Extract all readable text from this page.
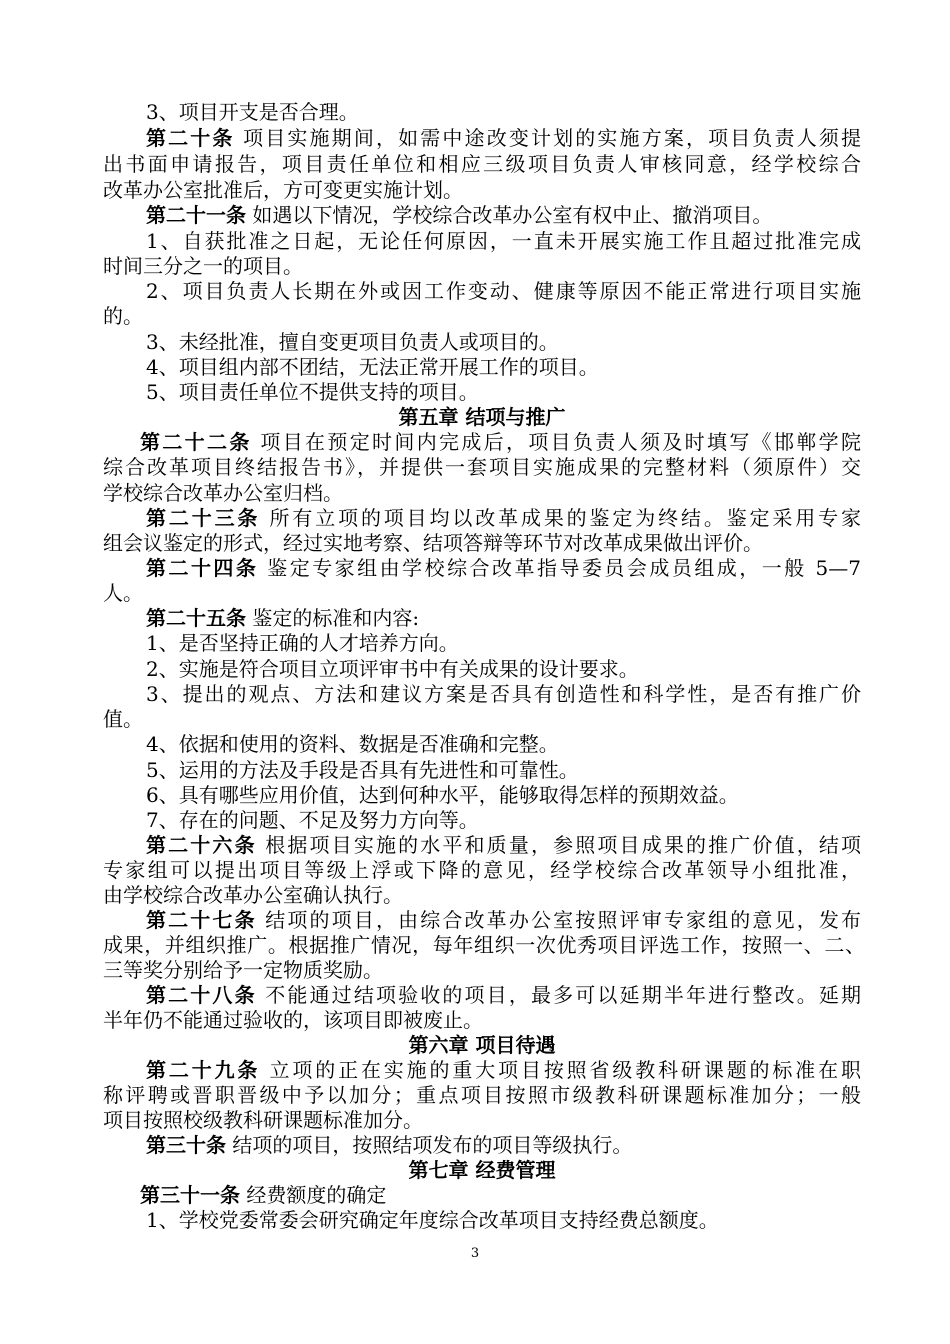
3、项目开支是否合理。
第二十条 项目实施期间，如需中途改变计划的实施方案，项目负责人须提
出书面申请报告，项目责任单位和相应三级项目负责人审核同意，经学校综合
改革办公室批准后，方可变更实施计划。
第二十一条 如遇以下情况，学校综合改革办公室有权中止、撤消项目。
1、自获批准之日起，无论任何原因，一直未开展实施工作且超过批准完成
时间三分之一的项目。
2、项目负责人长期在外或因工作变动、健康等原因不能正常进行项目实施
的。
3、未经批准，擅自变更项目负责人或项目的。
4、项目组内部不团结，无法正常开展工作的项目。
5、项目责任单位不提供支持的项目。
第五章 结项与推广
第二十二条 项目在预定时间内完成后，项目负责人须及时填写《邯郸学院
综合改革项目终结报告书》，并提供一套项目实施成果的完整材料（须原件）交
学校综合改革办公室归档。
第二十三条 所有立项的项目均以改革成果的鉴定为终结。鉴定采用专家
组会议鉴定的形式，经过实地考察、结项答辩等环节对改革成果做出评价。
第二十四条 鉴定专家组由学校综合改革指导委员会成员组成，一般 5—7
人。
第二十五条 鉴定的标准和内容:
1、是否坚持正确的人才培养方向。
2、实施是符合项目立项评审书中有关成果的设计要求。
3、提出的观点、方法和建议方案是否具有创造性和科学性，是否有推广价
值。
4、依据和使用的资料、数据是否准确和完整。
5、运用的方法及手段是否具有先进性和可靠性。
6、具有哪些应用价值，达到何种水平，能够取得怎样的预期效益。
7、存在的问题、不足及努力方向等。
第二十六条 根据项目实施的水平和质量，参照项目成果的推广价值，结项
专家组可以提出项目等级上浮或下降的意见，经学校综合改革领导小组批准，
由学校综合改革办公室确认执行。
第二十七条 结项的项目，由综合改革办公室按照评审专家组的意见，发布
成果，并组织推广。根据推广情况，每年组织一次优秀项目评选工作，按照一、二、
三等奖分别给予一定物质奖励。
第二十八条 不能通过结项验收的项目，最多可以延期半年进行整改。延期
半年仍不能通过验收的，该项目即被废止。
第六章 项目待遇
第二十九条 立项的正在实施的重大项目按照省级教科研课题的标准在职
称评聘或晋职晋级中予以加分；重点项目按照市级教科研课题标准加分；一般
项目按照校级教科研课题标准加分。
第三十条 结项的项目，按照结项发布的项目等级执行。
第七章 经费管理
第三十一条 经费额度的确定
1、学校党委常委会研究确定年度综合改革项目支持经费总额度。
3
